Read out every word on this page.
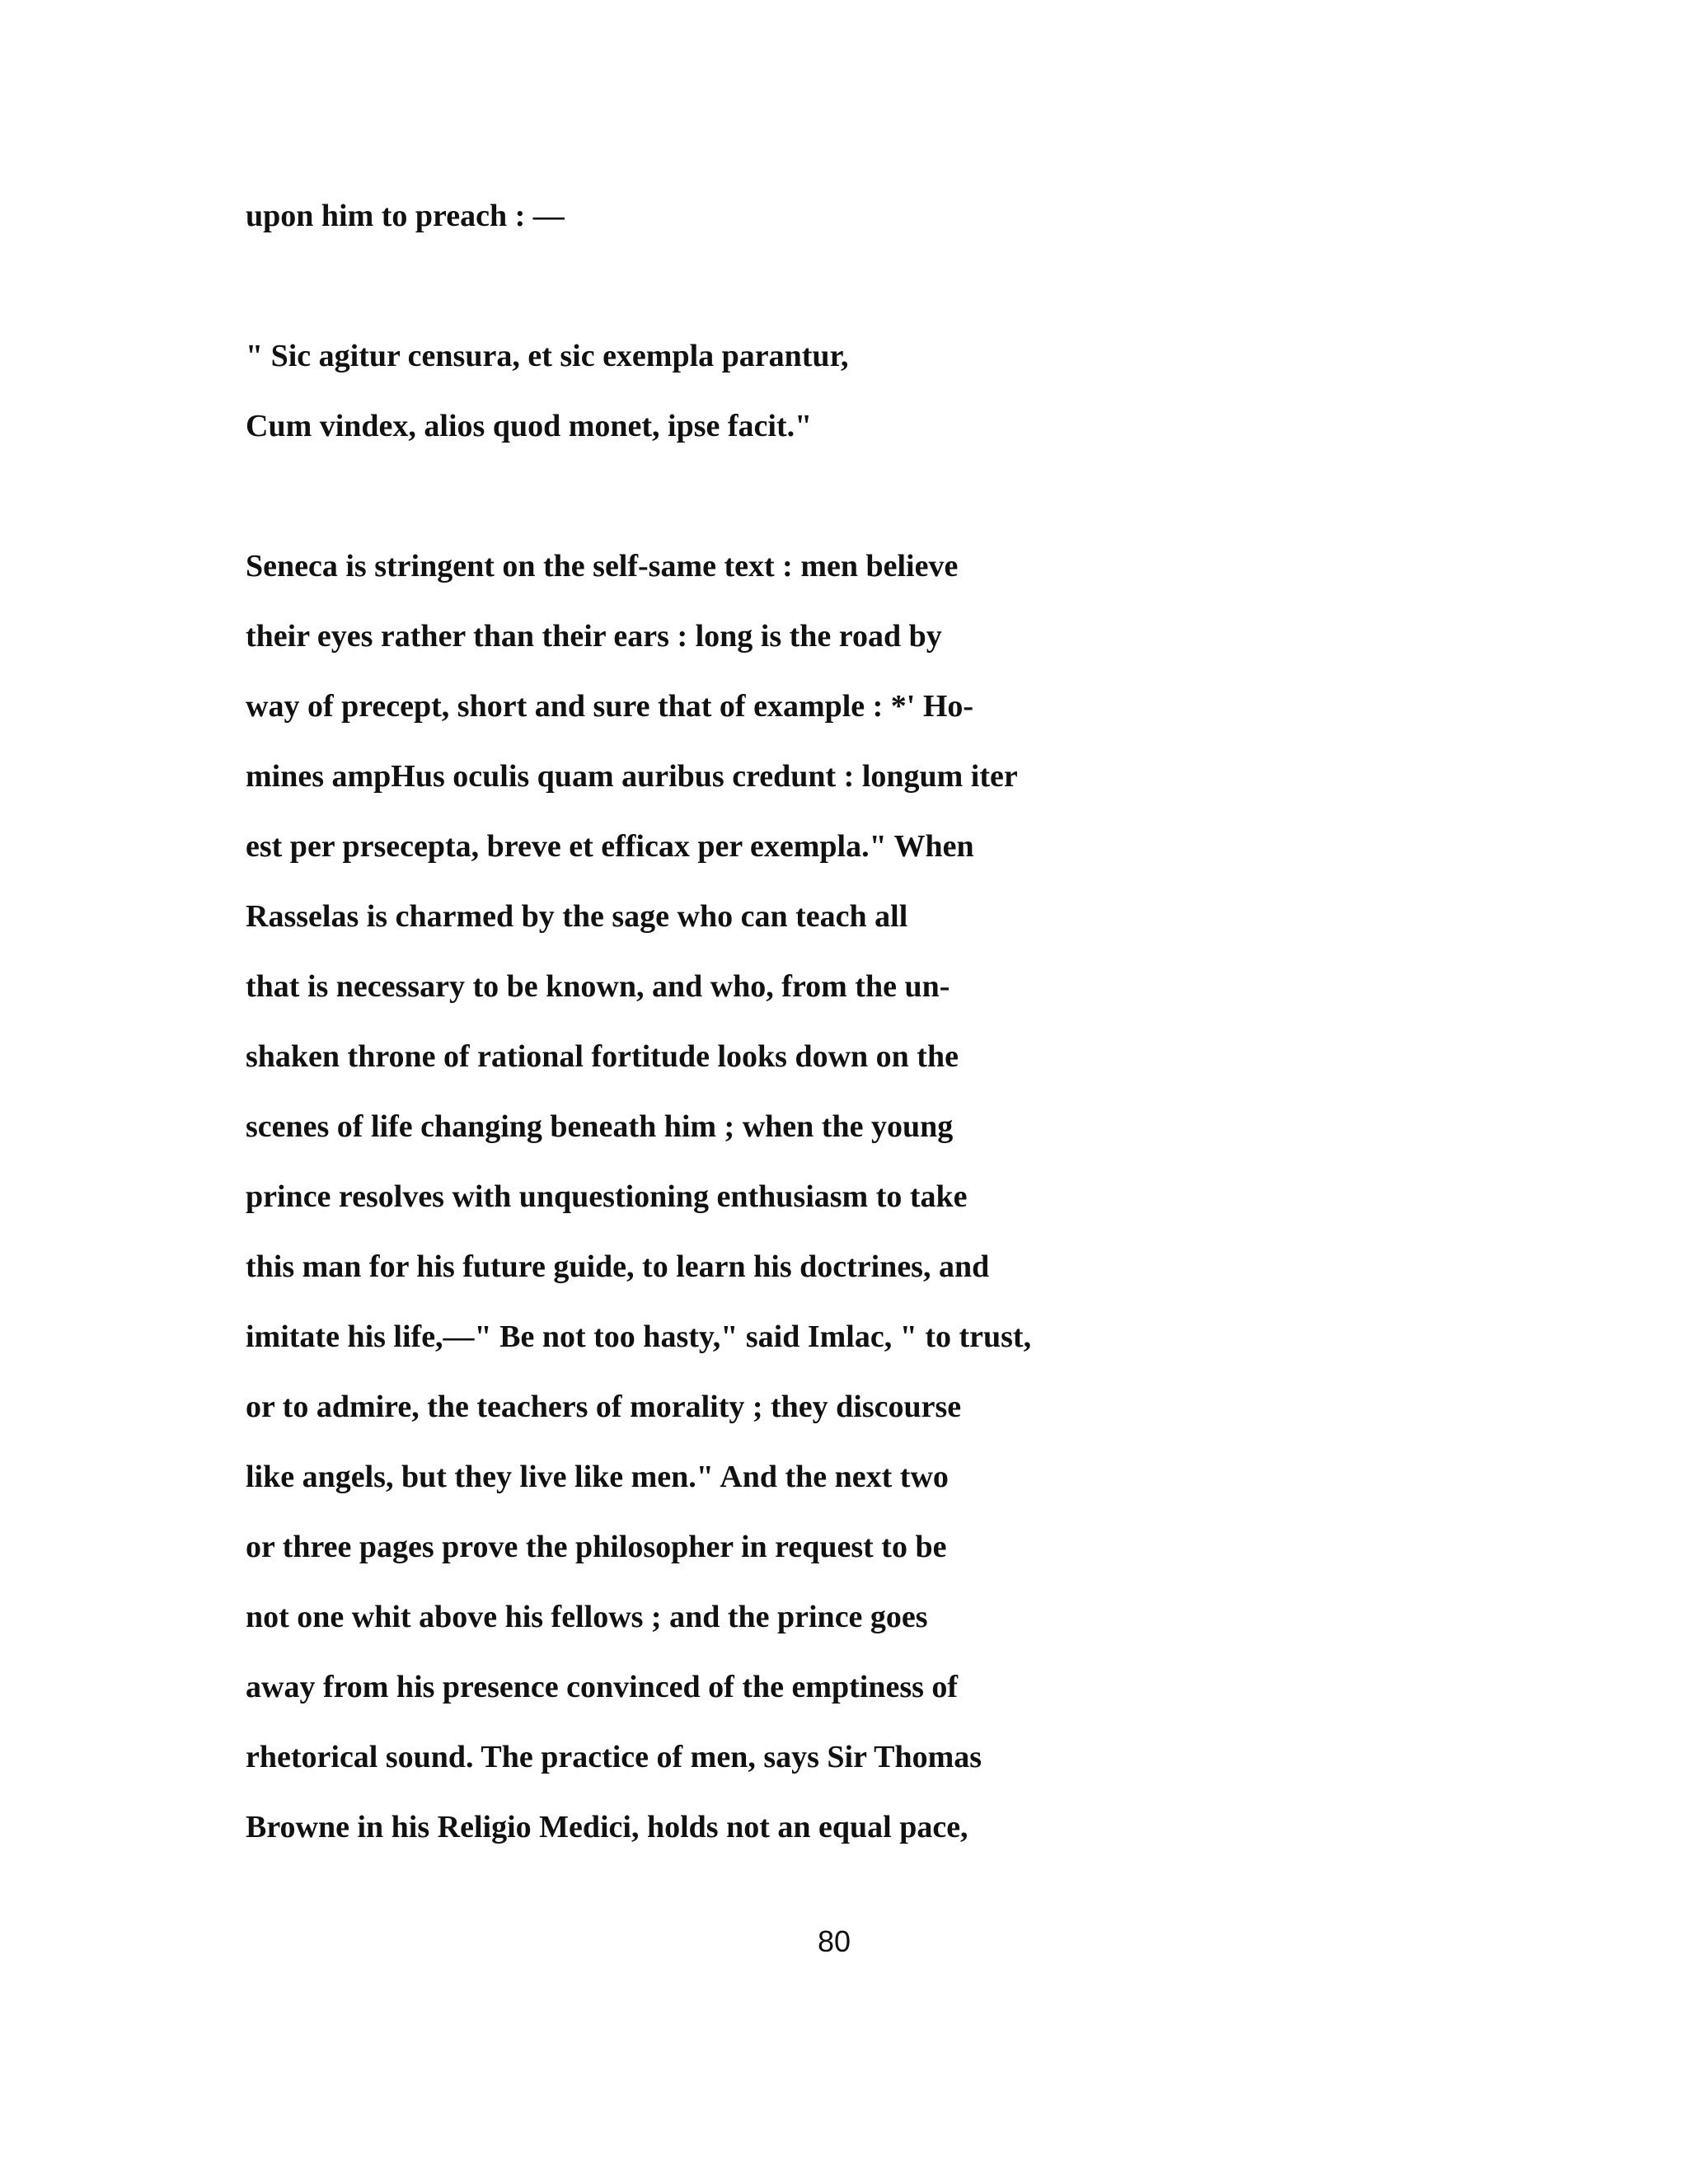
upon him to preach : —

" Sic agitur censura, et sic exempla parantur,

Cum vindex, alios quod monet, ipse facit."

Seneca is stringent on the self-same text : men believe

their eyes rather than their ears : long is the road by

way of precept, short and sure that of example : *' Ho-

mines ampHus oculis quam auribus credunt : longum iter

est per prsecepta, breve et efficax per exempla." When

Rasselas is charmed by the sage who can teach all

that is necessary to be known, and who, from the un-

shaken throne of rational fortitude looks down on the

scenes of life changing beneath him ; when the young

prince resolves with unquestioning enthusiasm to take

this man for his future guide, to learn his doctrines, and

imitate his life,—" Be not too hasty," said Imlac, " to trust,

or to admire, the teachers of morality ; they discourse

like angels, but they live like men." And the next two

or three pages prove the philosopher in request to be

not one whit above his fellows ; and the prince goes

away from his presence convinced of the emptiness of

rhetorical sound. The practice of men, says Sir Thomas

Browne in his Religio Medici, holds not an equal pace,

80
